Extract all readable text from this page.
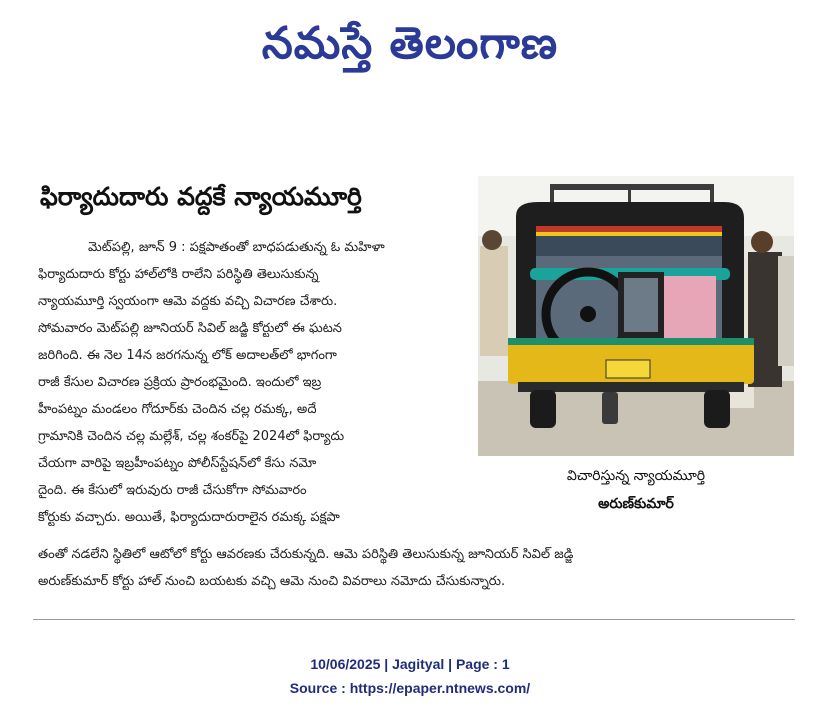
నమస్తే తెలంగాణ
ఫిర్యాదుదారు వద్దకే న్యాయమూర్తి
మెట్‌పల్లి, జూన్ 9 : పక్షపాతంతో బాధపడుతున్న ఓ మహిళా
ఫిర్యాదుదారు కోర్టు హాల్‌లోకి రాలేని పరిస్థితి తెలుసుకున్న
న్యాయమూర్తి స్వయంగా ఆమె వద్దకు వచ్చి విచారణ చేశారు.
సోమవారం మెట్‌పల్లి జూనియర్ సివిల్ జడ్జి కోర్టులో ఈ ఘటన
జరిగింది. ఈ నెల 14న జరగనున్న లోక్ అదాలత్‌లో భాగంగా
రాజీ కేసుల విచారణ ప్రక్రియ ప్రారంభమైంది. ఇందులో ఇబ్ర
హీంపట్నం మండలం గోదూర్‌కు చెందిన చల్ల రమక్క, అదే
గ్రామానికి చెందిన చల్ల మల్లేశ్, చల్ల శంకర్‌పై 2024లో ఫిర్యాదు
చేయగా వారిపై ఇబ్రహీంపట్నం పోలీస్‌స్టేషన్‌లో కేసు నమో
దైంది. ఈ కేసులో ఇరువురు రాజీ చేసుకోగా సోమవారం
కోర్టుకు వచ్చారు. అయితే, ఫిర్యాదుదారురాలైన రమక్క పక్షపా
విచారిస్తున్న న్యాయమూర్తి
అరుణ్‌కుమార్
తంతో నడలేని స్థితిలో ఆటోలో కోర్టు ఆవరణకు చేరుకున్నది. ఆమె పరిస్థితి తెలుసుకున్న జూనియర్ సివిల్ జడ్జి
అరుణ్‌కుమార్ కోర్టు హాల్ నుంచి బయటకు వచ్చి ఆమె నుంచి వివరాలు నమోదు చేసుకున్నారు.
10/06/2025 | Jagityal | Page : 1
Source : https://epaper.ntnews.com/
